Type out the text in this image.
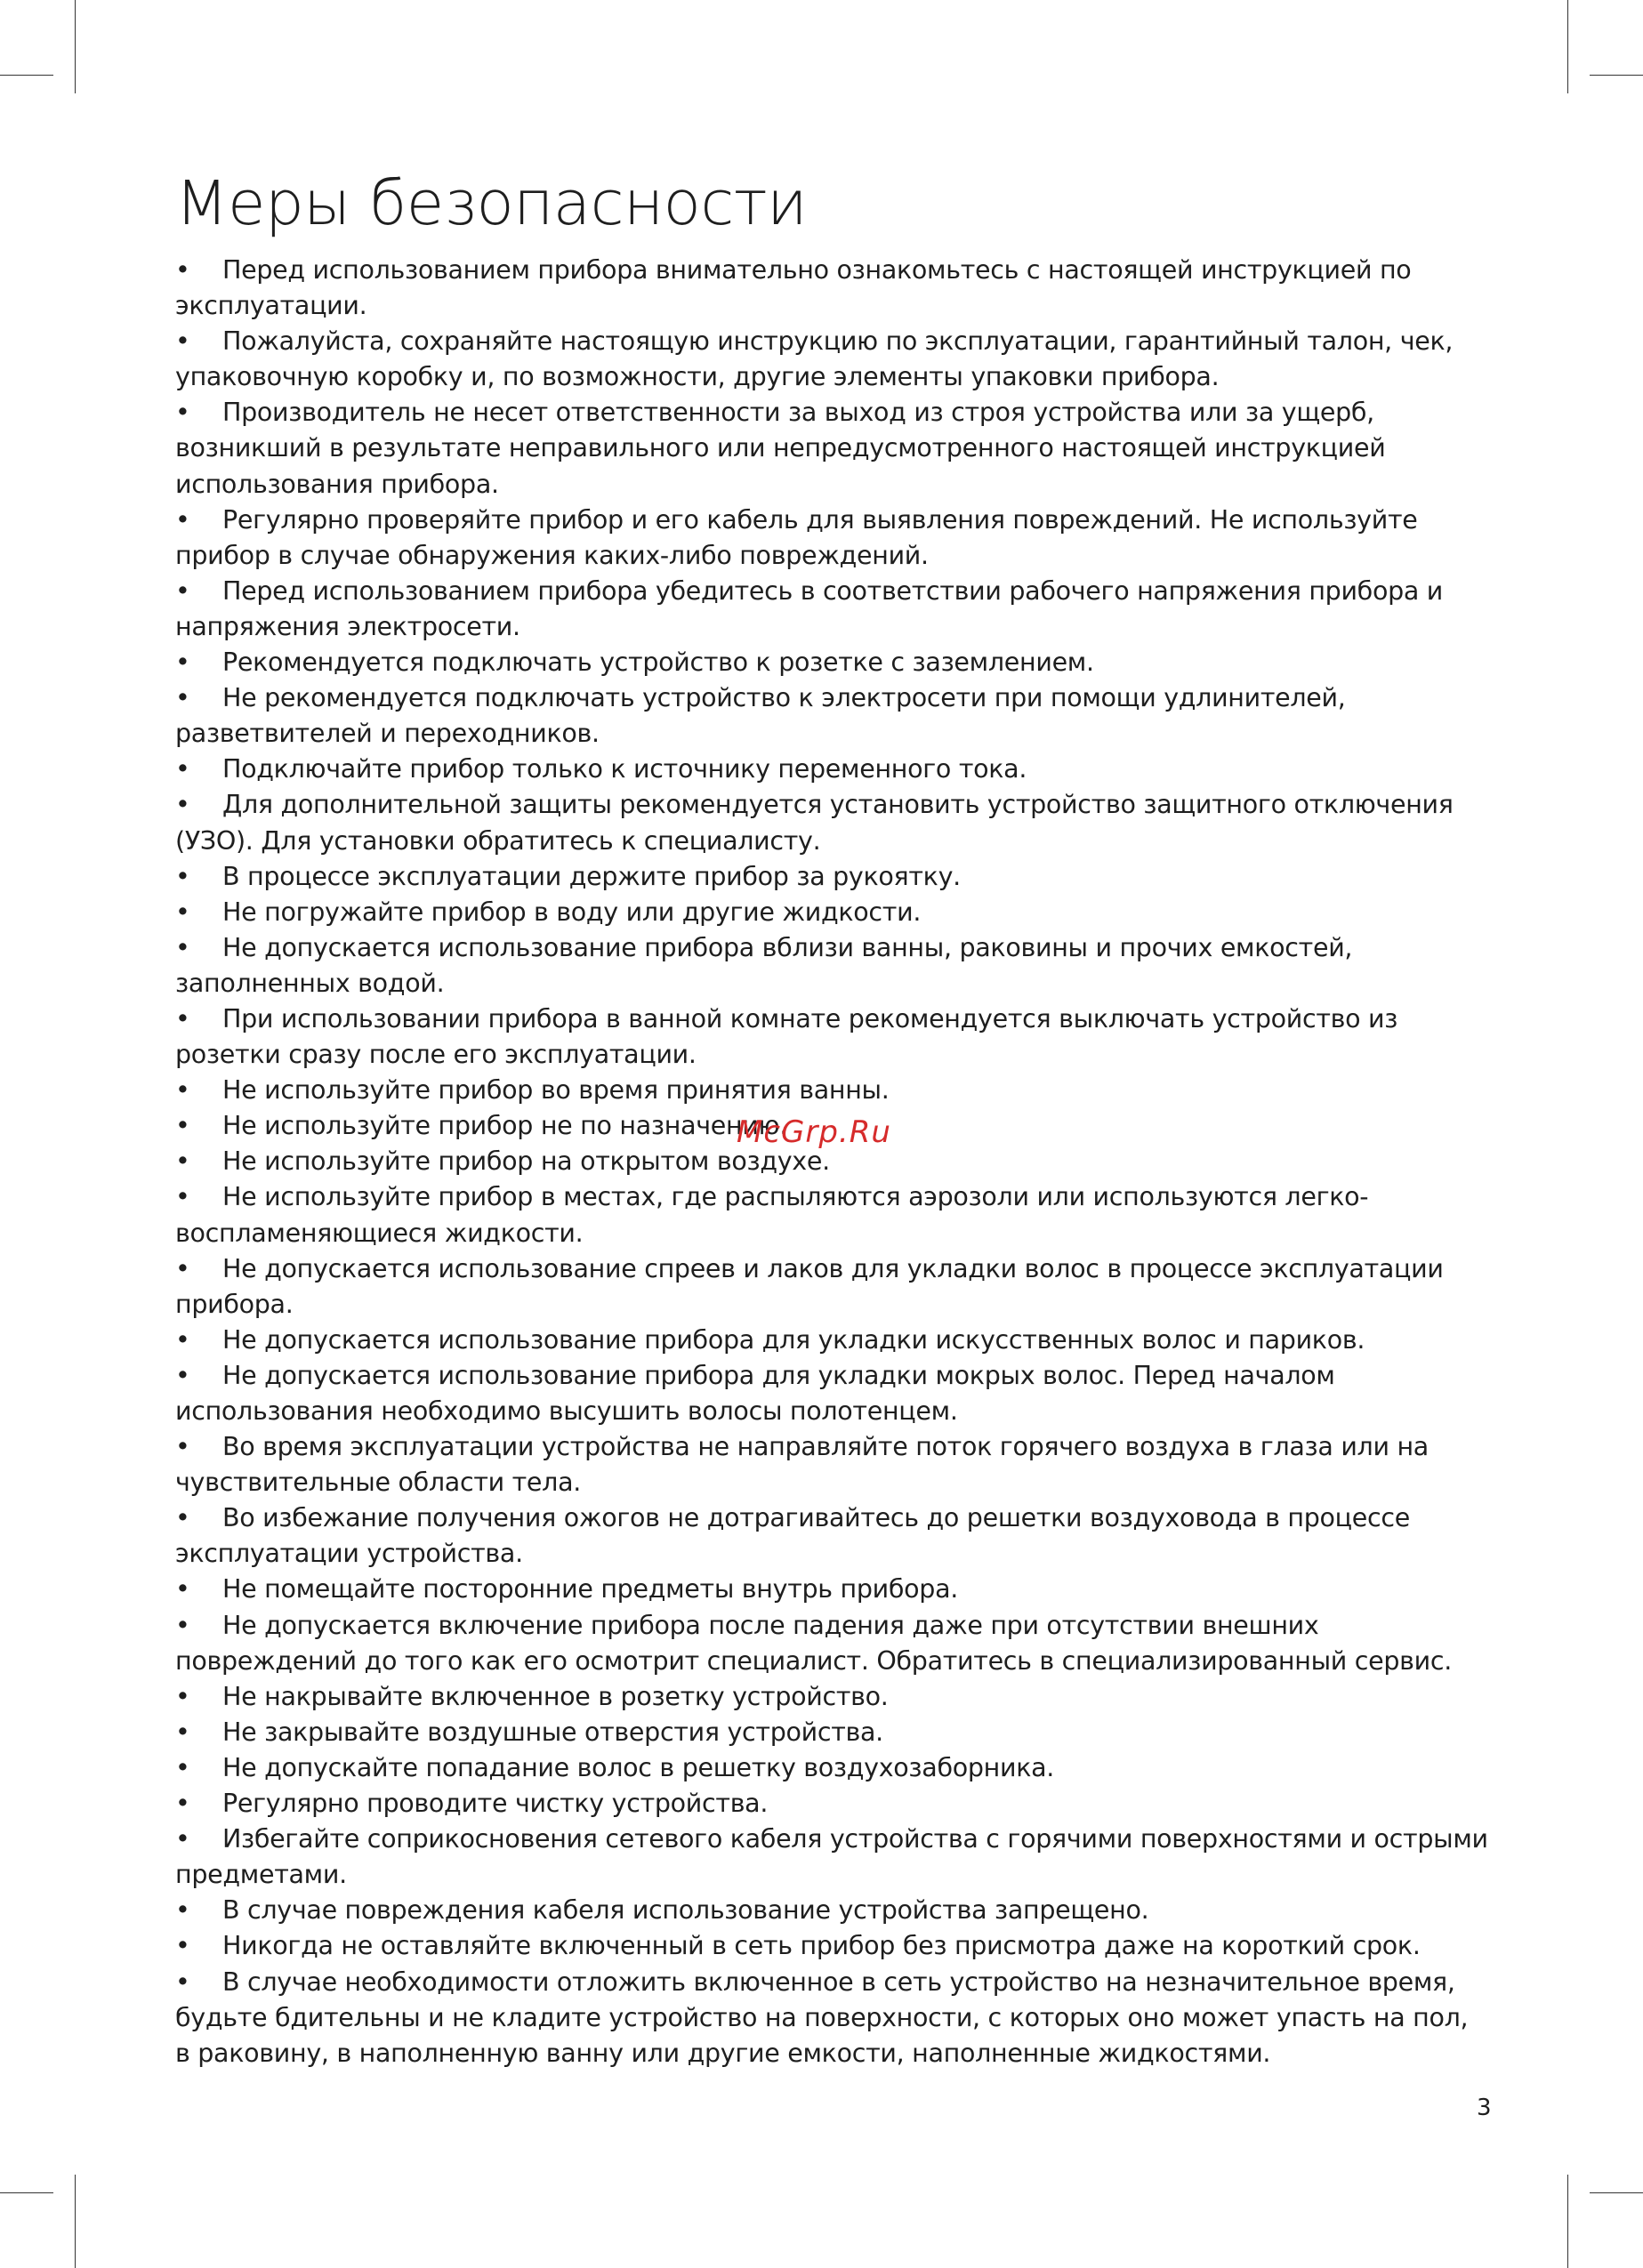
Меры безопасности
• Перед использованием прибора внимательно ознакомьтесь с настоящей инструкцией по
эксплуатации.
• Пожалуйста, сохраняйте настоящую инструкцию по эксплуатации, гарантийный талон, чек,
упаковочную коробку и, по возможности, другие элементы упаковки прибора.
• Производитель не несет ответственности за выход из строя устройства или за ущерб,
возникший в результате неправильного или непредусмотренного настоящей инструкцией
использования прибора.
• Регулярно проверяйте прибор и его кабель для выявления повреждений. Не используйте
прибор в случае обнаружения каких-либо повреждений.
• Перед использованием прибора убедитесь в соответствии рабочего напряжения прибора и
напряжения электросети.
• Рекомендуется подключать устройство к розетке с заземлением.
• Не рекомендуется подключать устройство к электросети при помощи удлинителей,
разветвителей и переходников.
• Подключайте прибор только к источнику переменного тока.
• Для дополнительной защиты рекомендуется установить устройство защитного отключения
(УЗО). Для установки обратитесь к специалисту.
• В процессе эксплуатации держите прибор за рукоятку.
• Не погружайте прибор в воду или другие жидкости.
• Не допускается использование прибора вблизи ванны, раковины и прочих емкостей,
заполненных водой.
• При использовании прибора в ванной комнате рекомендуется выключать устройство из
розетки сразу после его эксплуатации.
• Не используйте прибор во время принятия ванны.
• Не используйте прибор не по назначению.
• Не используйте прибор на открытом воздухе.
• Не используйте прибор в местах, где распыляются аэрозоли или используются легко-
воспламеняющиеся жидкости.
• Не допускается использование спреев и лаков для укладки волос в процессе эксплуатации
прибора.
• Не допускается использование прибора для укладки искусственных волос и париков.
• Не допускается использование прибора для укладки мокрых волос. Перед началом
использования необходимо высушить волосы полотенцем.
• Во время эксплуатации устройства не направляйте поток горячего воздуха в глаза или на
чувствительные области тела.
• Во избежание получения ожогов не дотрагивайтесь до решетки воздуховода в процессе
эксплуатации устройства.
• Не помещайте посторонние предметы внутрь прибора.
• Не допускается включение прибора после падения даже при отсутствии внешних
повреждений до того как его осмотрит специалист. Обратитесь в специализированный сервис.
• Не накрывайте включенное в розетку устройство.
• Не закрывайте воздушные отверстия устройства.
• Не допускайте попадание волос в решетку воздухозаборника.
• Регулярно проводите чистку устройства.
• Избегайте соприкосновения сетевого кабеля устройства с горячими поверхностями и острыми
предметами.
• В случае повреждения кабеля использование устройства запрещено.
• Никогда не оставляйте включенный в сеть прибор без присмотра даже на короткий срок.
• В случае необходимости отложить включенное в сеть устройство на незначительное время,
будьте бдительны и не кладите устройство на поверхности, с которых оно может упасть на пол,
в раковину, в наполненную ванну или другие емкости, наполненные жидкостями.
McGrp.Ru
3
